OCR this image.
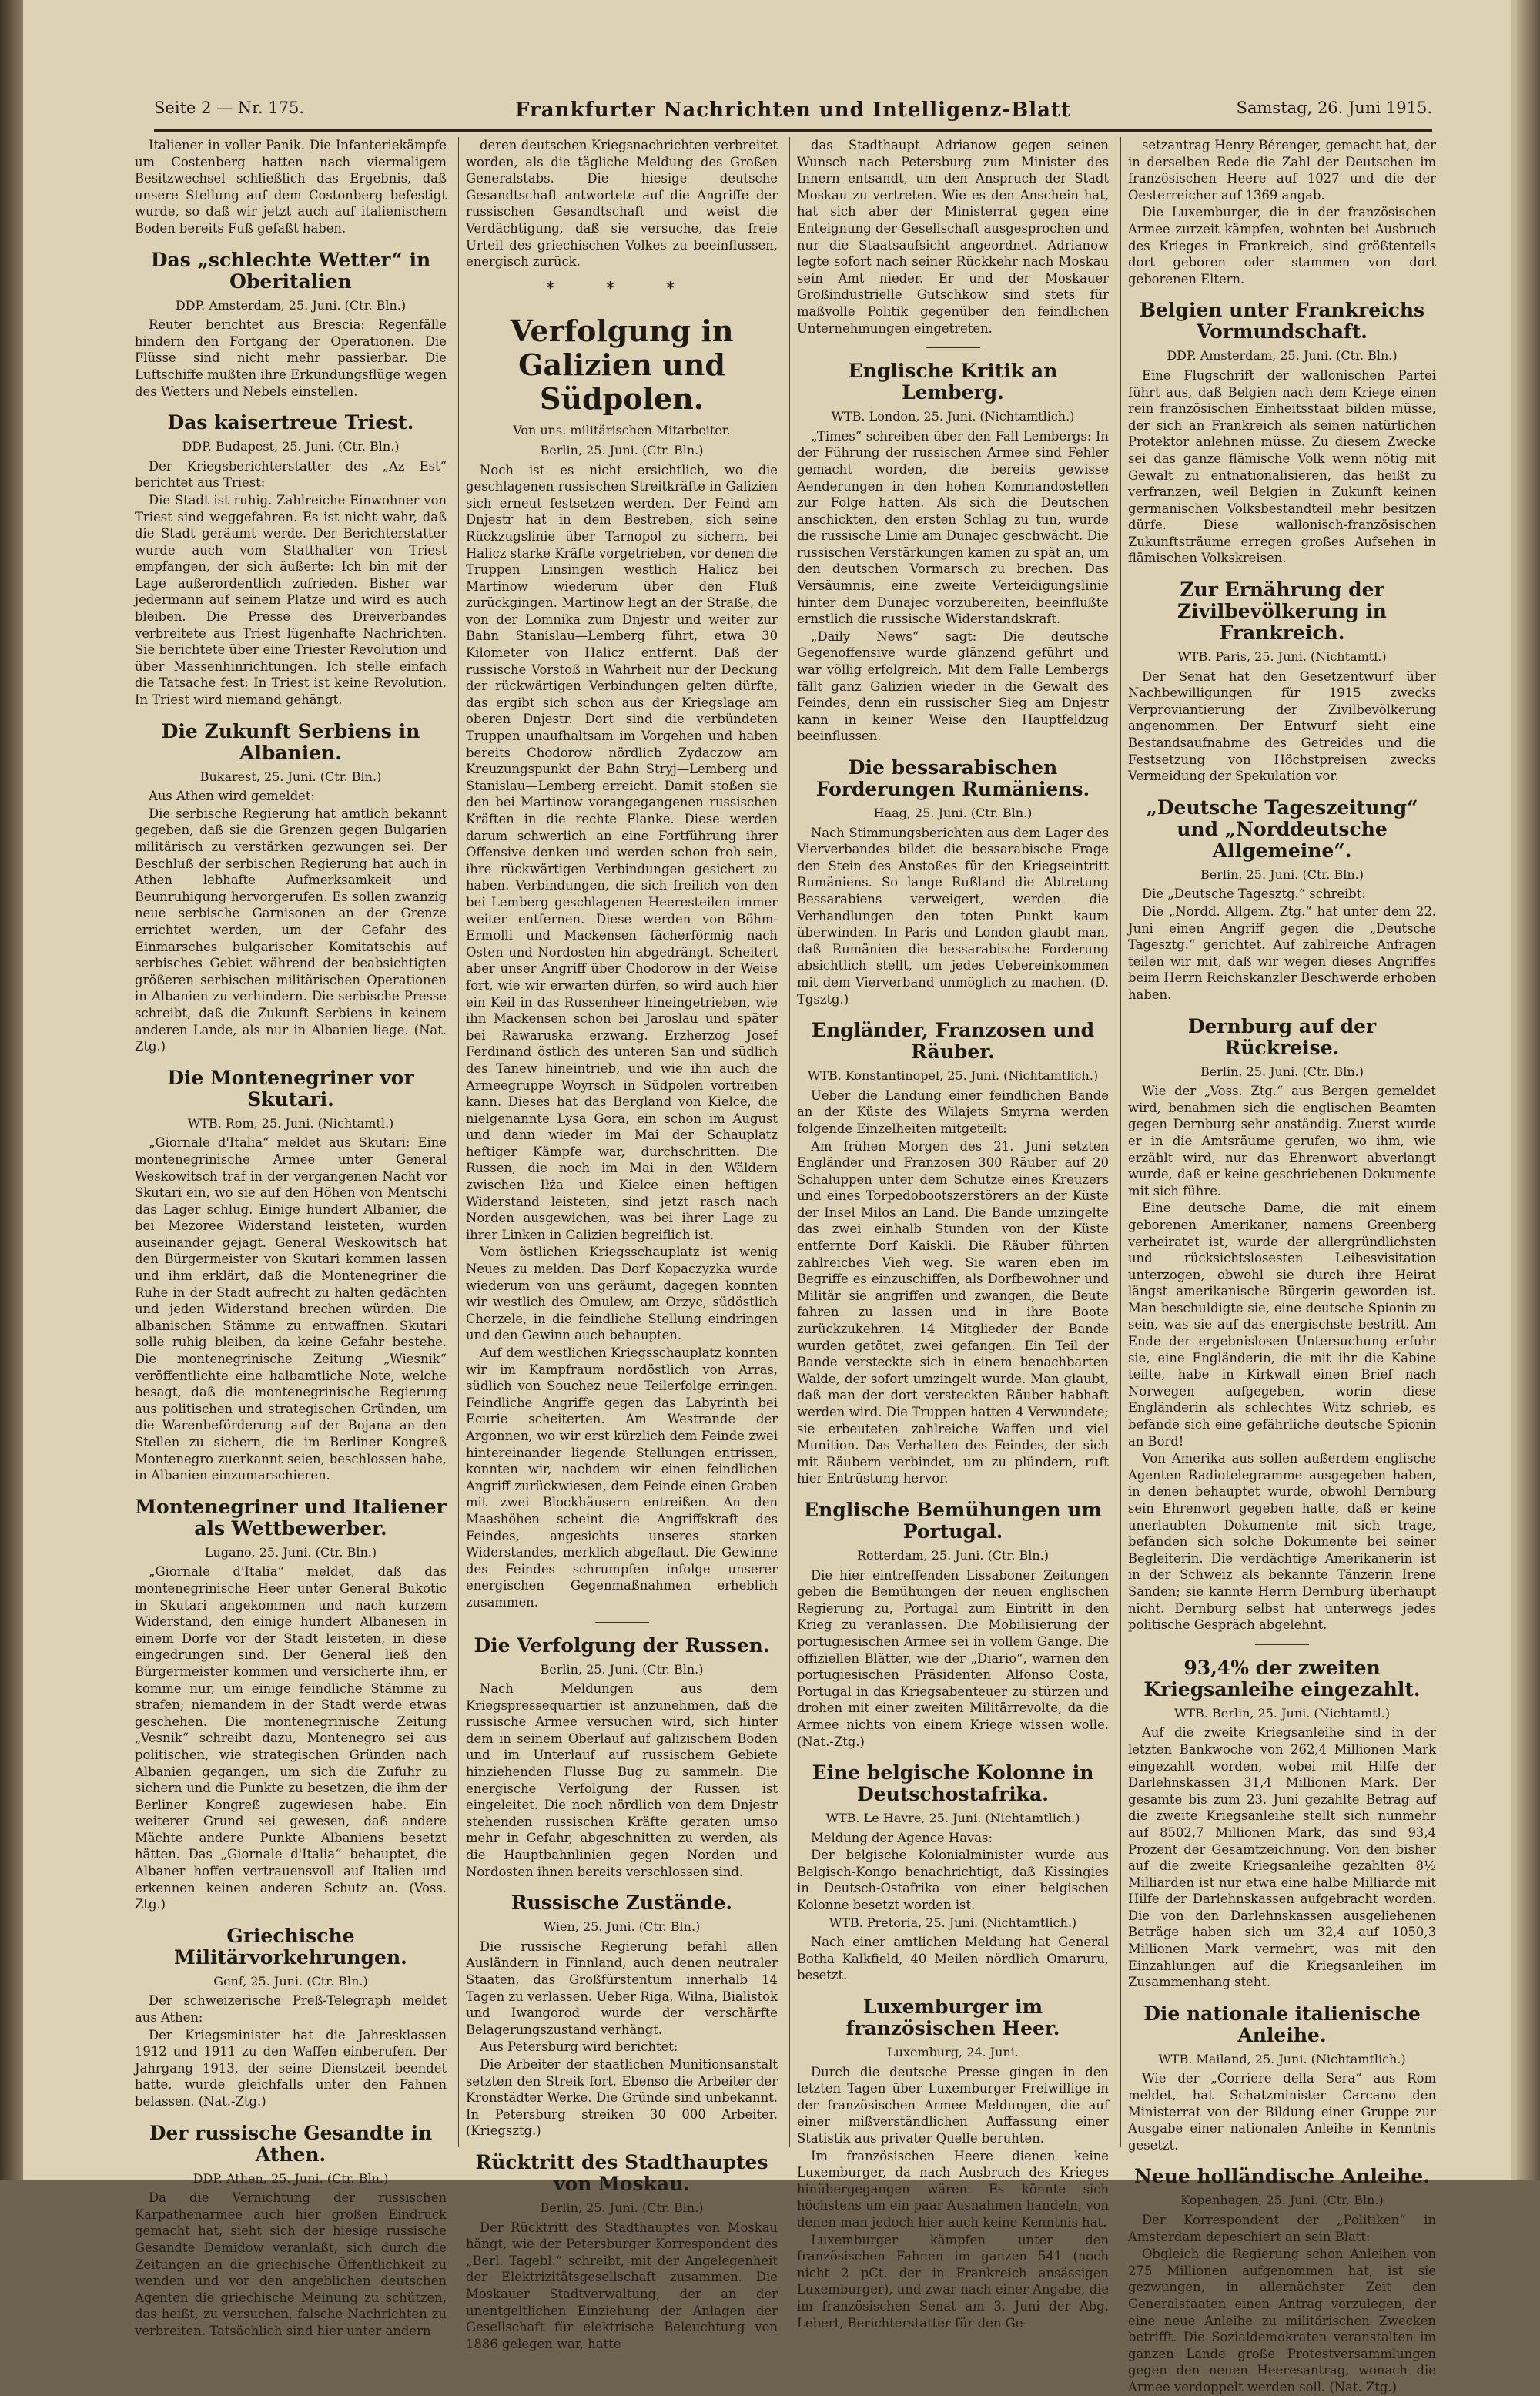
Seite 2 — Nr. 175.	Frankfurter Nachrichten und Intelligenz-Blatt	Samstag, 26. Juni 1915.

Italiener in voller Panik. Die Infanteriekämpfe um Costenberg hatten nach viermaligem Besitzwechsel schließlich das Ergebnis, daß unsere Stellung auf dem Costonberg befestigt wurde, so daß wir jetzt auch auf italienischem Boden bereits Fuß gefaßt haben.

Das „schlechte Wetter“ in Oberitalien
DDP. Amsterdam, 25. Juni. (Ctr. Bln.)

Reuter berichtet aus Brescia: Regenfälle hindern den Fortgang der Operationen. Die Flüsse sind nicht mehr passierbar. Die Luftschiffe mußten ihre Erkundungsflüge wegen des Wetters und Nebels einstellen.

Das kaisertreue Triest.
DDP. Budapest, 25. Juni. (Ctr. Bln.)

Der Kriegsberichterstatter des „Az Est“ berichtet aus Triest:

Die Stadt ist ruhig. Zahlreiche Einwohner von Triest sind weggefahren. Es ist nicht wahr, daß die Stadt geräumt werde. Der Berichterstatter wurde auch vom Statthalter von Triest empfangen, der sich äußerte: Ich bin mit der Lage außerordentlich zufrieden. Bisher war jedermann auf seinem Platze und wird es auch bleiben. Die Presse des Dreiverbandes verbreitete aus Triest lügenhafte Nachrichten. Sie berichtete über eine Triester Revolution und über Massenhinrichtungen. Ich stelle einfach die Tatsache fest: In Triest ist keine Revolution. In Triest wird niemand gehängt.

Die Zukunft Serbiens in Albanien.
Bukarest, 25. Juni. (Ctr. Bln.)

Aus Athen wird gemeldet:

Die serbische Regierung hat amtlich bekannt gegeben, daß sie die Grenzen gegen Bulgarien militärisch zu verstärken gezwungen sei. Der Beschluß der serbischen Regierung hat auch in Athen lebhafte Aufmerksamkeit und Beunruhigung hervorgerufen. Es sollen zwanzig neue serbische Garnisonen an der Grenze errichtet werden, um der Gefahr des Einmarsches bulgarischer Komitatschis auf serbisches Gebiet während der beabsichtigten größeren serbischen militärischen Operationen in Albanien zu verhindern. Die serbische Presse schreibt, daß die Zukunft Serbiens in keinem anderen Lande, als nur in Albanien liege. (Nat. Ztg.)

Die Montenegriner vor Skutari.
WTB. Rom, 25. Juni. (Nichtamtl.)

„Giornale d'Italia“ meldet aus Skutari: Eine montenegrinische Armee unter General Weskowitsch traf in der vergangenen Nacht vor Skutari ein, wo sie auf den Höhen von Mentschi das Lager schlug. Einige hundert Albanier, die bei Mezoree Widerstand leisteten, wurden auseinander gejagt. General Weskowitsch hat den Bürgermeister von Skutari kommen lassen und ihm erklärt, daß die Montenegriner die Ruhe in der Stadt aufrecht zu halten gedächten und jeden Widerstand brechen würden. Die albanischen Stämme zu entwaffnen. Skutari solle ruhig bleiben, da keine Gefahr bestehe. Die montenegrinische Zeitung „Wiesnik“ veröffentlichte eine halbamtliche Note, welche besagt, daß die montenegrinische Regierung aus politischen und strategischen Gründen, um die Warenbeförderung auf der Bojana an den Stellen zu sichern, die im Berliner Kongreß Montenegro zuerkannt seien, beschlossen habe, in Albanien einzumarschieren.

Montenegriner und Italiener als Wettbewerber.
Lugano, 25. Juni. (Ctr. Bln.)

„Giornale d'Italia“ meldet, daß das montenegrinische Heer unter General Bukotic in Skutari angekommen und nach kurzem Widerstand, den einige hundert Albanesen in einem Dorfe vor der Stadt leisteten, in diese eingedrungen sind. Der General ließ den Bürgermeister kommen und versicherte ihm, er komme nur, um einige feindliche Stämme zu strafen; niemandem in der Stadt werde etwas geschehen. Die montenegrinische Zeitung „Vesnik“ schreibt dazu, Montenegro sei aus politischen, wie strategischen Gründen nach Albanien gegangen, um sich die Zufuhr zu sichern und die Punkte zu besetzen, die ihm der Berliner Kongreß zugewiesen habe. Ein weiterer Grund sei gewesen, daß andere Mächte andere Punkte Albaniens besetzt hätten. Das „Giornale d'Italia“ behauptet, die Albaner hoffen vertrauensvoll auf Italien und erkennen keinen anderen Schutz an. (Voss. Ztg.)

Griechische Militärvorkehrungen.
Genf, 25. Juni. (Ctr. Bln.)

Der schweizerische Preß-Telegraph meldet aus Athen:

Der Kriegsminister hat die Jahresklassen 1912 und 1911 zu den Waffen einberufen. Der Jahrgang 1913, der seine Dienstzeit beendet hatte, wurde gleichfalls unter den Fahnen belassen. (Nat.-Ztg.)

Der russische Gesandte in Athen.
DDP. Athen, 25. Juni. (Ctr. Bln.)

Da die Vernichtung der russischen Karpathenarmee auch hier großen Eindruck gemacht hat, sieht sich der hiesige russische Gesandte Demidow veranlaßt, sich durch die Zeitungen an die griechische Öffentlichkeit zu wenden und vor den angeblichen deutschen Agenten die griechische Meinung zu schützen, das heißt, zu versuchen, falsche Nachrichten zu verbreiten. Tatsächlich sind hier unter andern

deren deutschen Kriegsnachrichten verbreitet worden, als die tägliche Meldung des Großen Generalstabs. Die hiesige deutsche Gesandtschaft antwortete auf die Angriffe der russischen Gesandtschaft und weist die Verdächtigung, daß sie versuche, das freie Urteil des griechischen Volkes zu beeinflussen, energisch zurück.

* * *
Verfolgung in Galizien und Südpolen.
Von uns. militärischen Mitarbeiter.
Berlin, 25. Juni. (Ctr. Bln.)

Noch ist es nicht ersichtlich, wo die geschlagenen russischen Streitkräfte in Galizien sich erneut festsetzen werden. Der Feind am Dnjestr hat in dem Bestreben, sich seine Rückzugslinie über Tarnopol zu sichern, bei Halicz starke Kräfte vorgetrieben, vor denen die Truppen Linsingen westlich Halicz bei Martinow wiederum über den Fluß zurückgingen. Martinow liegt an der Straße, die von der Lomnika zum Dnjestr und weiter zur Bahn Stanislau—Lemberg führt, etwa 30 Kilometer von Halicz entfernt. Daß der russische Vorstoß in Wahrheit nur der Deckung der rückwärtigen Verbindungen gelten dürfte, das ergibt sich schon aus der Kriegslage am oberen Dnjestr. Dort sind die verbündeten Truppen unaufhaltsam im Vorgehen und haben bereits Chodorow nördlich Zydaczow am Kreuzungspunkt der Bahn Stryj—Lemberg und Stanislau—Lemberg erreicht. Damit stoßen sie den bei Martinow vorangegangenen russischen Kräften in die rechte Flanke. Diese werden darum schwerlich an eine Fortführung ihrer Offensive denken und werden schon froh sein, ihre rückwärtigen Verbindungen gesichert zu haben. Verbindungen, die sich freilich von den bei Lemberg geschlagenen Heeresteilen immer weiter entfernen. Diese werden von Böhm-Ermolli und Mackensen fächerförmig nach Osten und Nordosten hin abgedrängt. Scheitert aber unser Angriff über Chodorow in der Weise fort, wie wir erwarten dürfen, so wird auch hier ein Keil in das Russenheer hineingetrieben, wie ihn Mackensen schon bei Jaroslau und später bei Rawaruska erzwang. Erzherzog Josef Ferdinand östlich des unteren San und südlich des Tanew hineintrieb, und wie ihn auch die Armeegruppe Woyrsch in Südpolen vortreiben kann. Dieses hat das Bergland von Kielce, die nielgenannte Lysa Gora, ein schon im August und dann wieder im Mai der Schauplatz heftiger Kämpfe war, durchschritten. Die Russen, die noch im Mai in den Wäldern zwischen Iłża und Kielce einen heftigen Widerstand leisteten, sind jetzt rasch nach Norden ausgewichen, was bei ihrer Lage zu ihrer Linken in Galizien begreiflich ist.

Vom östlichen Kriegsschauplatz ist wenig Neues zu melden. Das Dorf Kopaczyzka wurde wiederum von uns geräumt, dagegen konnten wir westlich des Omulew, am Orzyc, südöstlich Chorzele, in die feindliche Stellung eindringen und den Gewinn auch behaupten.

Auf dem westlichen Kriegsschauplatz konnten wir im Kampfraum nordöstlich von Arras, südlich von Souchez neue Teilerfolge erringen. Feindliche Angriffe gegen das Labyrinth bei Ecurie scheiterten. Am Westrande der Argonnen, wo wir erst kürzlich dem Feinde zwei hintereinander liegende Stellungen entrissen, konnten wir, nachdem wir einen feindlichen Angriff zurückwiesen, dem Feinde einen Graben mit zwei Blockhäusern entreißen. An den Maashöhen scheint die Angriffskraft des Feindes, angesichts unseres starken Widerstandes, merklich abgeflaut. Die Gewinne des Feindes schrumpfen infolge unserer energischen Gegenmaßnahmen erheblich zusammen.

Die Verfolgung der Russen.
Berlin, 25. Juni. (Ctr. Bln.)

Nach Meldungen aus dem Kriegspressequartier ist anzunehmen, daß die russische Armee versuchen wird, sich hinter dem in seinem Oberlauf auf galizischem Boden und im Unterlauf auf russischem Gebiete hinziehenden Flusse Bug zu sammeln. Die energische Verfolgung der Russen ist eingeleitet. Die noch nördlich von dem Dnjestr stehenden russischen Kräfte geraten umso mehr in Gefahr, abgeschnitten zu werden, als die Hauptbahnlinien gegen Norden und Nordosten ihnen bereits verschlossen sind.

Russische Zustände.
Wien, 25. Juni. (Ctr. Bln.)

Die russische Regierung befahl allen Ausländern in Finnland, auch denen neutraler Staaten, das Großfürstentum innerhalb 14 Tagen zu verlassen. Ueber Riga, Wilna, Bialistok und Iwangorod wurde der verschärfte Belagerungszustand verhängt.

Aus Petersburg wird berichtet:

Die Arbeiter der staatlichen Munitionsanstalt setzten den Streik fort. Ebenso die Arbeiter der Kronstädter Werke. Die Gründe sind unbekannt. In Petersburg streiken 30 000 Arbeiter. (Kriegsztg.)

Rücktritt des Stadthauptes von Moskau.
Berlin, 25. Juni. (Ctr. Bln.)

Der Rücktritt des Stadthauptes von Moskau hängt, wie der Petersburger Korrespondent des „Berl. Tagebl.“ schreibt, mit der Angelegenheit der Elektrizitätsgesellschaft zusammen. Die Moskauer Stadtverwaltung, der an der unentgeltlichen Einziehung der Anlagen der Gesellschaft für elektrische Beleuchtung von 1886 gelegen war, hatte

das Stadthaupt Adrianow gegen seinen Wunsch nach Petersburg zum Minister des Innern entsandt, um den Anspruch der Stadt Moskau zu vertreten. Wie es den Anschein hat, hat sich aber der Ministerrat gegen eine Enteignung der Gesellschaft ausgesprochen und nur die Staatsaufsicht angeordnet. Adrianow legte sofort nach seiner Rückkehr nach Moskau sein Amt nieder. Er und der Moskauer Großindustrielle Gutschkow sind stets für maßvolle Politik gegenüber den feindlichen Unternehmungen eingetreten.

Englische Kritik an Lemberg.
WTB. London, 25. Juni. (Nichtamtlich.)

„Times“ schreiben über den Fall Lembergs: In der Führung der russischen Armee sind Fehler gemacht worden, die bereits gewisse Aenderungen in den hohen Kommandostellen zur Folge hatten. Als sich die Deutschen anschickten, den ersten Schlag zu tun, wurde die russische Linie am Dunajec geschwächt. Die russischen Verstärkungen kamen zu spät an, um den deutschen Vormarsch zu brechen. Das Versäumnis, eine zweite Verteidigungslinie hinter dem Dunajec vorzubereiten, beeinflußte ernstlich die russische Widerstandskraft.

„Daily News“ sagt: Die deutsche Gegenoffensive wurde glänzend geführt und war völlig erfolgreich. Mit dem Falle Lembergs fällt ganz Galizien wieder in die Gewalt des Feindes, denn ein russischer Sieg am Dnjestr kann in keiner Weise den Hauptfeldzug beeinflussen.

Die bessarabischen Forderungen Rumäniens.
Haag, 25. Juni. (Ctr. Bln.)

Nach Stimmungsberichten aus dem Lager des Vierverbandes bildet die bessarabische Frage den Stein des Anstoßes für den Kriegseintritt Rumäniens. So lange Rußland die Abtretung Bessarabiens verweigert, werden die Verhandlungen den toten Punkt kaum überwinden. In Paris und London glaubt man, daß Rumänien die bessarabische Forderung absichtlich stellt, um jedes Uebereinkommen mit dem Vierverband unmöglich zu machen. (D. Tgsztg.)

Engländer, Franzosen und Räuber.
WTB. Konstantinopel, 25. Juni. (Nichtamtlich.)

Ueber die Landung einer feindlichen Bande an der Küste des Wilajets Smyrna werden folgende Einzelheiten mitgeteilt:

Am frühen Morgen des 21. Juni setzten Engländer und Franzosen 300 Räuber auf 20 Schaluppen unter dem Schutze eines Kreuzers und eines Torpedobootszerstörers an der Küste der Insel Milos an Land. Die Bande umzingelte das zwei einhalb Stunden von der Küste entfernte Dorf Kaiskli. Die Räuber führten zahlreiches Vieh weg. Sie waren eben im Begriffe es einzuschiffen, als Dorfbewohner und Militär sie angriffen und zwangen, die Beute fahren zu lassen und in ihre Boote zurückzukehren. 14 Mitglieder der Bande wurden getötet, zwei gefangen. Ein Teil der Bande versteckte sich in einem benachbarten Walde, der sofort umzingelt wurde. Man glaubt, daß man der dort versteckten Räuber habhaft werden wird. Die Truppen hatten 4 Verwundete; sie erbeuteten zahlreiche Waffen und viel Munition. Das Verhalten des Feindes, der sich mit Räubern verbindet, um zu plündern, ruft hier Entrüstung hervor.

Englische Bemühungen um Portugal.
Rotterdam, 25. Juni. (Ctr. Bln.)

Die hier eintreffenden Lissaboner Zeitungen geben die Bemühungen der neuen englischen Regierung zu, Portugal zum Eintritt in den Krieg zu veranlassen. Die Mobilisierung der portugiesischen Armee sei in vollem Gange. Die offiziellen Blätter, wie der „Diario“, warnen den portugiesischen Präsidenten Alfonso Costa, Portugal in das Kriegsabenteuer zu stürzen und drohen mit einer zweiten Militärrevolte, da die Armee nichts von einem Kriege wissen wolle. (Nat.-Ztg.)

Eine belgische Kolonne in Deutschostafrika.
WTB. Le Havre, 25. Juni. (Nichtamtlich.)

Meldung der Agence Havas:

Der belgische Kolonialminister wurde aus Belgisch-Kongo benachrichtigt, daß Kissingies in Deutsch-Ostafrika von einer belgischen Kolonne besetzt worden ist.

WTB. Pretoria, 25. Juni. (Nichtamtlich.)

Nach einer amtlichen Meldung hat General Botha Kalkfield, 40 Meilen nördlich Omaruru, besetzt.

Luxemburger im französischen Heer.
Luxemburg, 24. Juni.

Durch die deutsche Presse gingen in den letzten Tagen über Luxemburger Freiwillige in der französischen Armee Meldungen, die auf einer mißverständlichen Auffassung einer Statistik aus privater Quelle beruhten.

Im französischen Heere dienen keine Luxemburger, da nach Ausbruch des Krieges hinübergegangen wären. Es könnte sich höchstens um ein paar Ausnahmen handeln, von denen man jedoch hier auch keine Kenntnis hat.

Luxemburger kämpfen unter den französischen Fahnen im ganzen 541 (noch nicht 2 pCt. der in Frankreich ansässigen Luxemburger), und zwar nach einer Angabe, die im französischen Senat am 3. Juni der Abg. Lebert, Berichterstatter für den Ge-

setzantrag Henry Bérenger, gemacht hat, der in derselben Rede die Zahl der Deutschen im französischen Heere auf 1027 und die der Oesterreicher auf 1369 angab.

Die Luxemburger, die in der französischen Armee zurzeit kämpfen, wohnten bei Ausbruch des Krieges in Frankreich, sind größtenteils dort geboren oder stammen von dort geborenen Eltern.

Belgien unter Frankreichs Vormundschaft.
DDP. Amsterdam, 25. Juni. (Ctr. Bln.)

Eine Flugschrift der wallonischen Partei führt aus, daß Belgien nach dem Kriege einen rein französischen Einheitsstaat bilden müsse, der sich an Frankreich als seinen natürlichen Protektor anlehnen müsse. Zu diesem Zwecke sei das ganze flämische Volk wenn nötig mit Gewalt zu entnationalisieren, das heißt zu verfranzen, weil Belgien in Zukunft keinen germanischen Volksbestandteil mehr besitzen dürfe. Diese wallonisch-französischen Zukunftsträume erregen großes Aufsehen in flämischen Volkskreisen.

Zur Ernährung der Zivilbevölkerung in Frankreich.
WTB. Paris, 25. Juni. (Nichtamtl.)

Der Senat hat den Gesetzentwurf über Nachbewilligungen für 1915 zwecks Verproviantierung der Zivilbevölkerung angenommen. Der Entwurf sieht eine Bestandsaufnahme des Getreides und die Festsetzung von Höchstpreisen zwecks Vermeidung der Spekulation vor.

„Deutsche Tageszeitung“ und „Norddeutsche Allgemeine“.
Berlin, 25. Juni. (Ctr. Bln.)

Die „Deutsche Tagesztg.“ schreibt:

Die „Nordd. Allgem. Ztg.“ hat unter dem 22. Juni einen Angriff gegen die „Deutsche Tagesztg.“ gerichtet. Auf zahlreiche Anfragen teilen wir mit, daß wir wegen dieses Angriffes beim Herrn Reichskanzler Beschwerde erhoben haben.

Dernburg auf der Rückreise.
Berlin, 25. Juni. (Ctr. Bln.)

Wie der „Voss. Ztg.“ aus Bergen gemeldet wird, benahmen sich die englischen Beamten gegen Dernburg sehr anständig. Zuerst wurde er in die Amtsräume gerufen, wo ihm, wie erzählt wird, nur das Ehrenwort abverlangt wurde, daß er keine geschriebenen Dokumente mit sich führe.

Eine deutsche Dame, die mit einem geborenen Amerikaner, namens Greenberg verheiratet ist, wurde der allergründlichsten und rücksichtslosesten Leibesvisitation unterzogen, obwohl sie durch ihre Heirat längst amerikanische Bürgerin geworden ist. Man beschuldigte sie, eine deutsche Spionin zu sein, was sie auf das energischste bestritt. Am Ende der ergebnislosen Untersuchung erfuhr sie, eine Engländerin, die mit ihr die Kabine teilte, habe in Kirkwall einen Brief nach Norwegen aufgegeben, worin diese Engländerin als schlechtes Witz schrieb, es befände sich eine gefährliche deutsche Spionin an Bord!

Von Amerika aus sollen außerdem englische Agenten Radiotelegramme ausgegeben haben, in denen behauptet wurde, obwohl Dernburg sein Ehrenwort gegeben hatte, daß er keine unerlaubten Dokumente mit sich trage, befänden sich solche Dokumente bei seiner Begleiterin. Die verdächtige Amerikanerin ist in der Schweiz als bekannte Tänzerin Irene Sanden; sie kannte Herrn Dernburg überhaupt nicht. Dernburg selbst hat unterwegs jedes politische Gespräch abgelehnt.

93,4% der zweiten Kriegsanleihe eingezahlt.
WTB. Berlin, 25. Juni. (Nichtamtl.)

Auf die zweite Kriegsanleihe sind in der letzten Bankwoche von 262,4 Millionen Mark eingezahlt worden, wobei mit Hilfe der Darlehnskassen 31,4 Millionen Mark. Der gesamte bis zum 23. Juni gezahlte Betrag auf die zweite Kriegsanleihe stellt sich nunmehr auf 8502,7 Millionen Mark, das sind 93,4 Prozent der Gesamtzeichnung. Von den bisher auf die zweite Kriegsanleihe gezahlten 8½ Milliarden ist nur etwa eine halbe Milliarde mit Hilfe der Darlehnskassen aufgebracht worden. Die von den Darlehnskassen ausgeliehenen Beträge haben sich um 32,4 auf 1050,3 Millionen Mark vermehrt, was mit den Einzahlungen auf die Kriegsanleihen im Zusammenhang steht.

Die nationale italienische Anleihe.
WTB. Mailand, 25. Juni. (Nichtamtlich.)

Wie der „Corriere della Sera“ aus Rom meldet, hat Schatzminister Carcano den Ministerrat von der Bildung einer Gruppe zur Ausgabe einer nationalen Anleihe in Kenntnis gesetzt.

Neue holländische Anleihe.
Kopenhagen, 25. Juni. (Ctr. Bln.)

Der Korrespondent der „Politiken“ in Amsterdam depeschiert an sein Blatt:

Obgleich die Regierung schon Anleihen von 275 Millionen aufgenommen hat, ist sie gezwungen, in allernächster Zeit den Generalstaaten einen Antrag vorzulegen, der eine neue Anleihe zu militärischen Zwecken betrifft. Die Sozialdemokraten veranstalten im ganzen Lande große Protestversammlungen gegen den neuen Heeresantrag, wonach die Armee verdoppelt werden soll. (Nat. Ztg.)
